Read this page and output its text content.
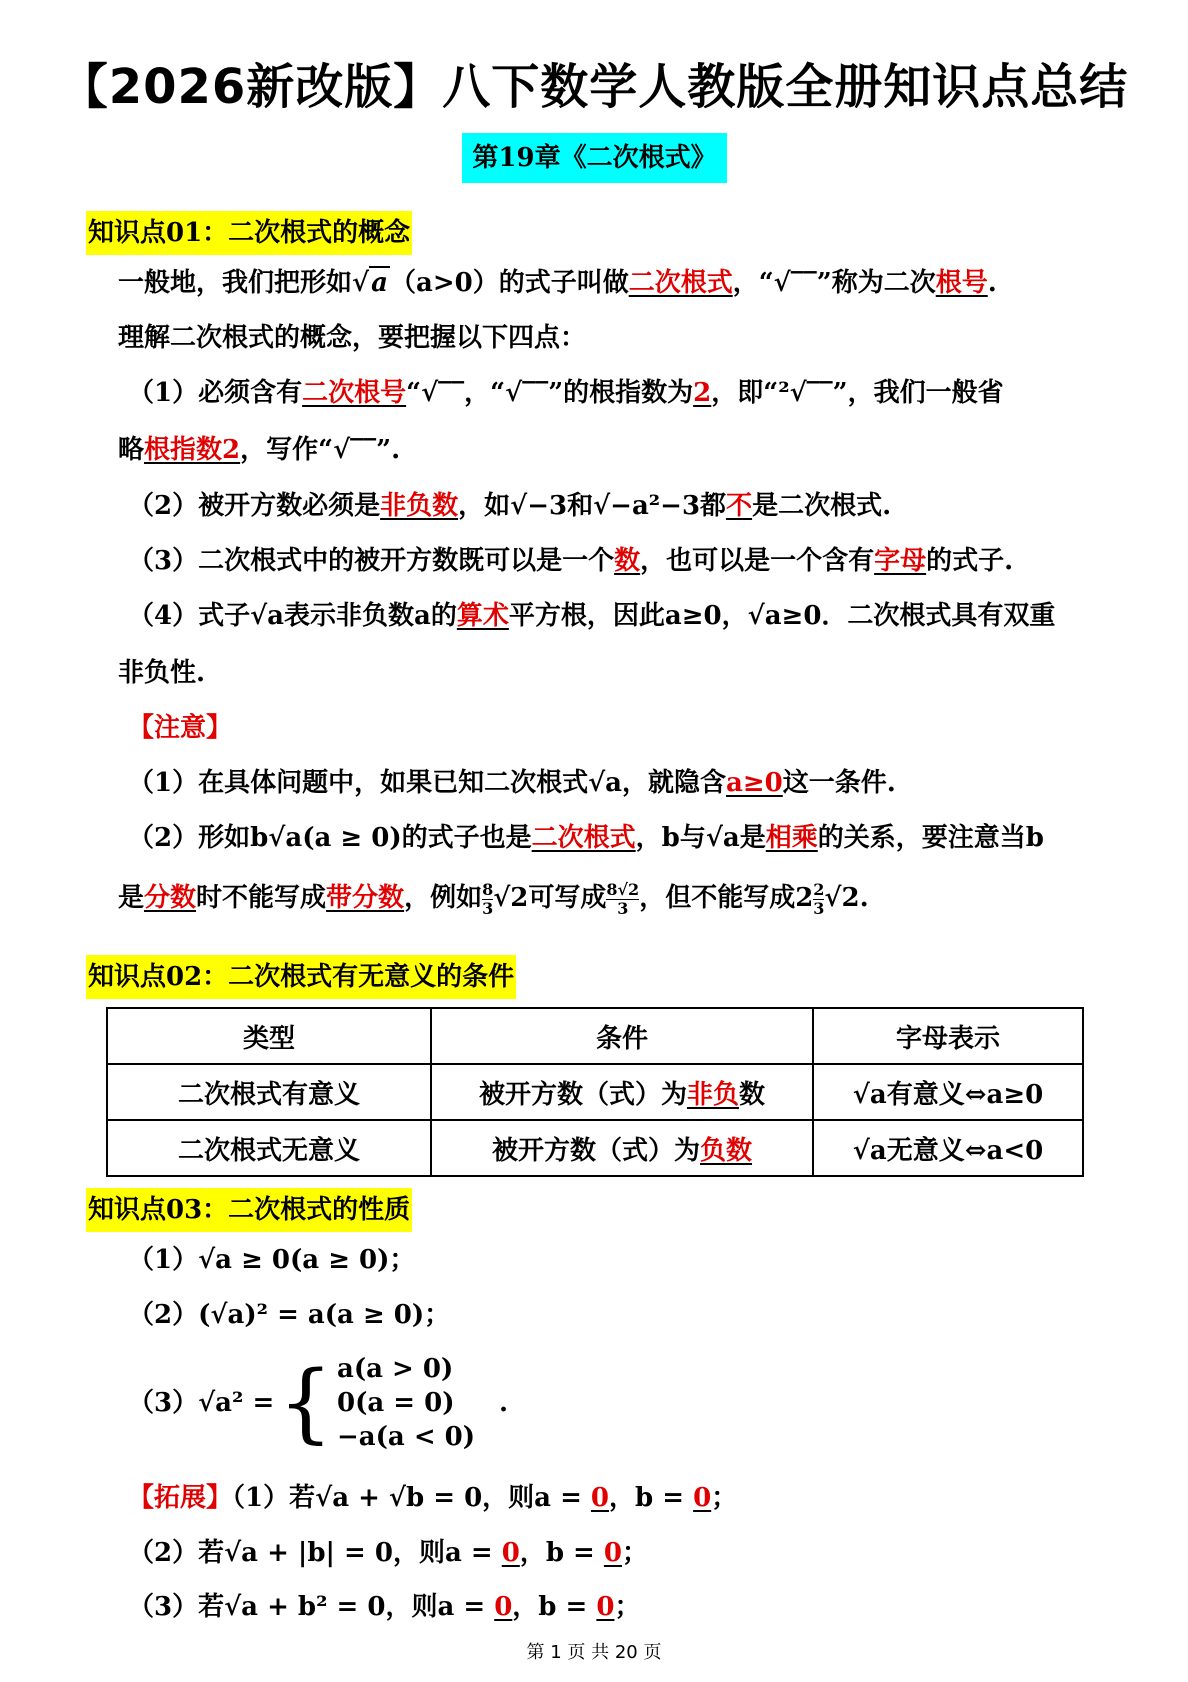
【2026新改版】八下数学人教版全册知识点总结
第19章《二次根式》
知识点01：二次根式的概念
一般地，我们把形如√a（a>0）的式子叫做二次根式，“√‾‾”称为二次根号.
理解二次根式的概念，要把握以下四点：
（1）必须含有二次根号“√‾‾，“√‾‾”的根指数为2，即“²√‾‾”，我们一般省
略根指数2，写作“√‾‾”.
（2）被开方数必须是非负数，如√−3和√−a²−3都不是二次根式.
（3）二次根式中的被开方数既可以是一个数，也可以是一个含有字母的式子.
（4）式子√a表示非负数a的算术平方根，因此a≥0，√a≥0．二次根式具有双重
非负性.
【注意】
（1）在具体问题中，如果已知二次根式√a，就隐含a≥0这一条件.
（2）形如b√a(a ≥ 0)的式子也是二次根式，b与√a是相乘的关系，要注意当b
是分数时不能写成带分数，例如 $\frac{8}{3} √2$可写成 $\frac{8√2}{3}$ ，但不能写成$2 \frac{2}{3} √2$.
知识点02：二次根式有无意义的条件
类型	条件	字母表示
二次根式有意义	被开方数（式）为非负数	√a有意义⇔a≥0
二次根式无意义	被开方数（式）为负数	√a无意义⇔a<0
知识点03：二次根式的性质
（1）√a ≥ 0(a ≥ 0)；
（2）(√a)² = a(a ≥ 0)；
（3）√a² ={ a(a > 0)
0(a = 0)
−a(a < 0)
.
【拓展】（1）若√a + √b = 0，则a = 0，b = 0；
（2）若√a + |b| = 0，则a = 0，b = 0；
（3）若√a + b² = 0，则a = 0，b = 0；
第 1 页 共 20 页
